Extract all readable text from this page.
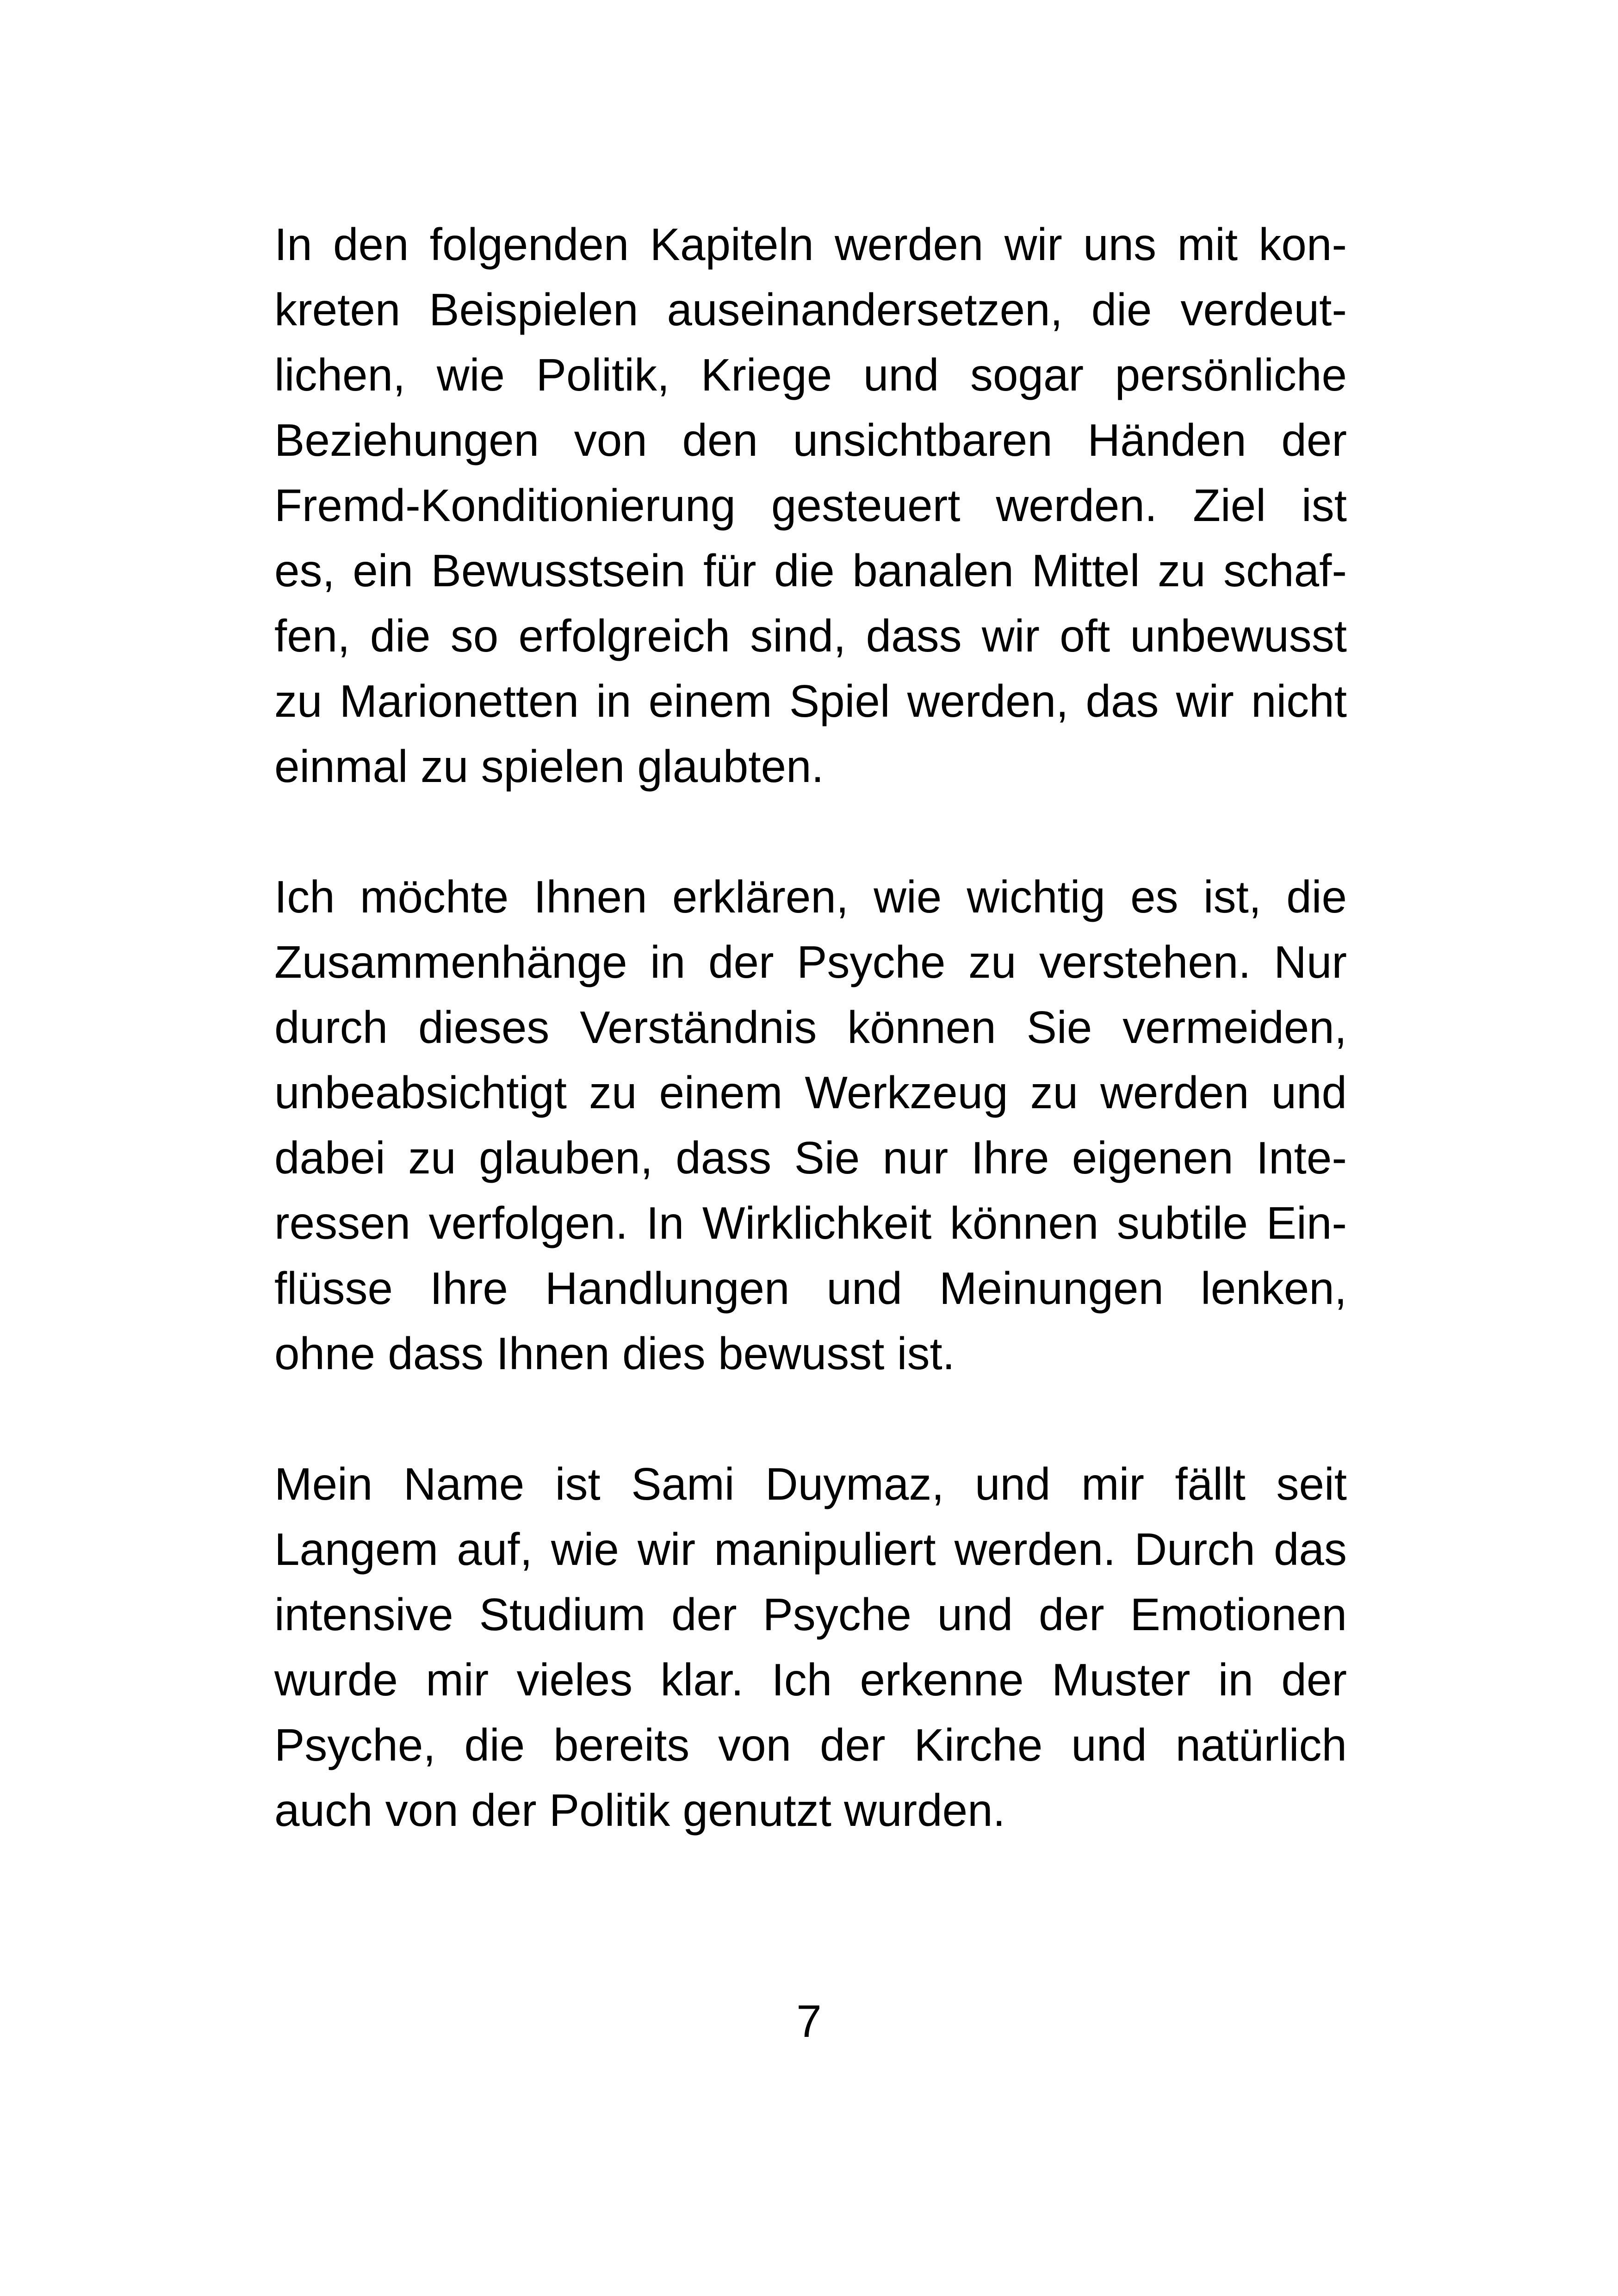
In den folgenden Kapiteln werden wir uns mit kon-
kreten Beispielen auseinandersetzen, die verdeut-
lichen, wie Politik, Kriege und sogar persönliche
Beziehungen von den unsichtbaren Händen der
Fremd-Konditionierung gesteuert werden. Ziel ist
es, ein Bewusstsein für die banalen Mittel zu schaf-
fen, die so erfolgreich sind, dass wir oft unbewusst
zu Marionetten in einem Spiel werden, das wir nicht
einmal zu spielen glaubten.
Ich möchte Ihnen erklären, wie wichtig es ist, die
Zusammenhänge in der Psyche zu verstehen. Nur
durch dieses Verständnis können Sie vermeiden,
unbeabsichtigt zu einem Werkzeug zu werden und
dabei zu glauben, dass Sie nur Ihre eigenen Inte-
ressen verfolgen. In Wirklichkeit können subtile Ein-
flüsse Ihre Handlungen und Meinungen lenken,
ohne dass Ihnen dies bewusst ist.
Mein Name ist Sami Duymaz, und mir fällt seit
Langem auf, wie wir manipuliert werden. Durch das
intensive Studium der Psyche und der Emotionen
wurde mir vieles klar. Ich erkenne Muster in der
Psyche, die bereits von der Kirche und natürlich
auch von der Politik genutzt wurden.
7
